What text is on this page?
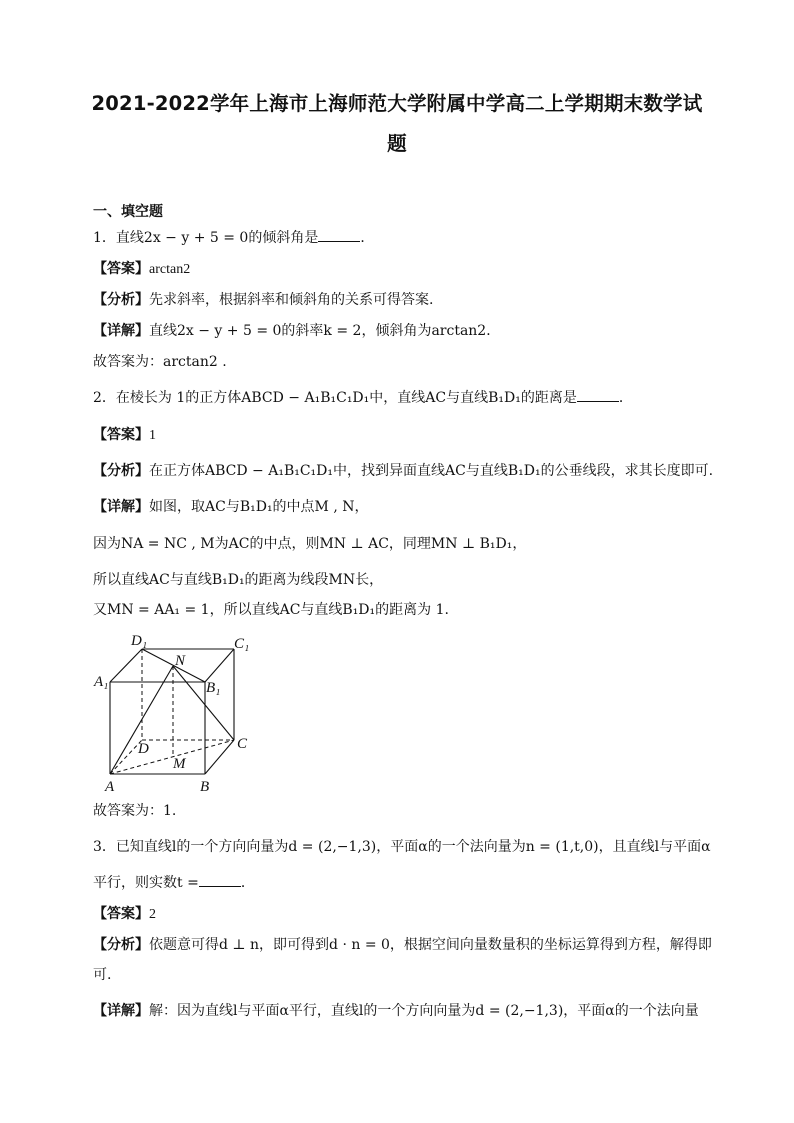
2021-2022学年上海市上海师范大学附属中学高二上学期期末数学试
题
一、填空题
1．直线2x − y + 5 = 0的倾斜角是	．
【答案】arctan2
【分析】先求斜率，根据斜率和倾斜角的关系可得答案.
【详解】直线2x − y + 5 = 0的斜率k = 2，倾斜角为arctan2．
故答案为：arctan2 .
2．在棱长为 1的正方体ABCD − A₁B₁C₁D₁中，直线AC与直线B₁D₁的距离是	．
【答案】1
【分析】在正方体ABCD − A₁B₁C₁D₁中，找到异面直线AC与直线B₁D₁的公垂线段，求其长度即可.
【详解】如图，取AC与B₁D₁的中点M , N，
因为NA = NC , M为AC的中点，则MN ⊥ AC，同理MN ⊥ B₁D₁，
所以直线AC与直线B₁D₁的距离为线段MN长，
又MN = AA₁ = 1，所以直线AC与直线B₁D₁的距离为 1.
D₁	C₁
N
A₁	B₁
D	C
A
M
B
故答案为：1.
3．已知直线l的一个方向向量为d = (2,−1,3)，平面α的一个法向量为n = (1,t,0)，且直线l与平面α
平行，则实数t =	．
【答案】2
【分析】依题意可得d ⊥ n，即可得到d · n = 0，根据空间向量数量积的坐标运算得到方程，解得即
可.
【详解】解：因为直线l与平面α平行，直线l的一个方向向量为d = (2,−1,3)，平面α的一个法向量
